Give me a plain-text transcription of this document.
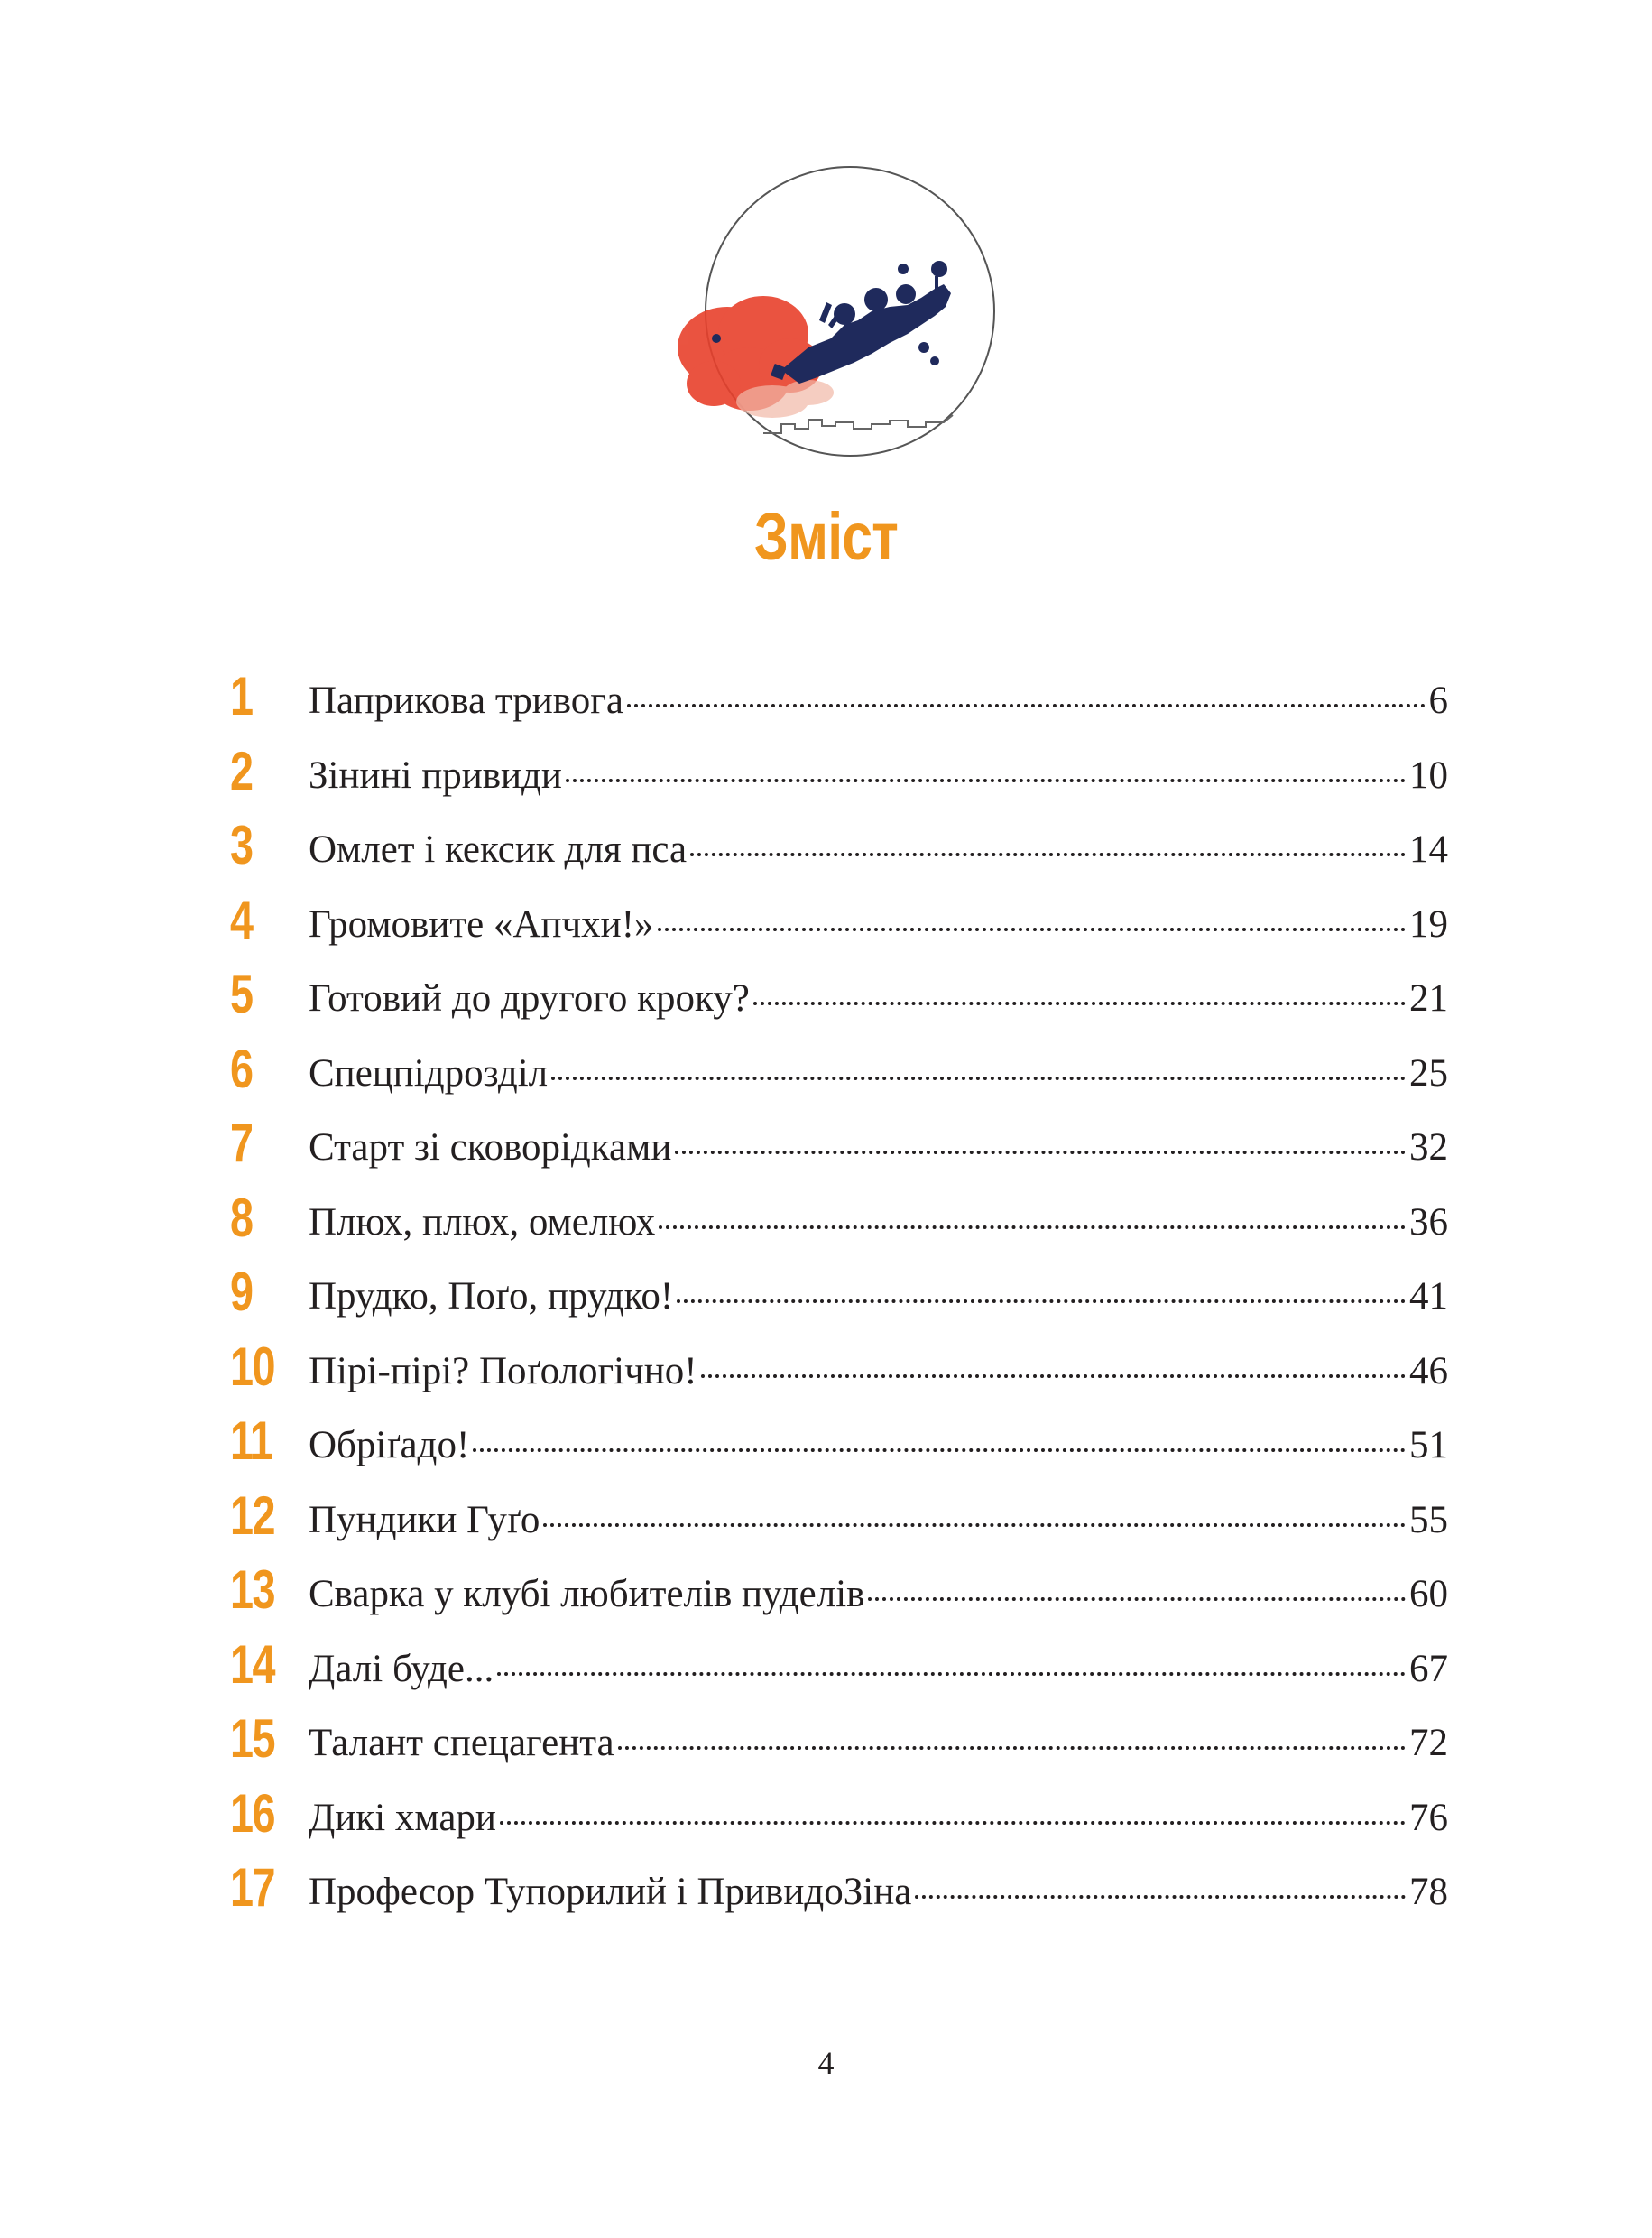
Зміст
1 Паприкова тривога	6
2 Зінині привиди	10
3 Омлет і кексик для пса	14
4 Громовите «Апчхи!»	19
5 Готовий до другого кроку?	21
6 Спецпідрозділ	25
7 Старт зі сковорідками	32
8 Плюх, плюх, омелюх	36
9 Прудко, Поґо, прудко!	41
10 Пірі-пірі? Поґологічно!	46
11 Обріґадо!	51
12 Пундики Гуґо	55
13 Сварка у клубі любителів пуделів	60
14 Далі буде...	67
15 Талант спецагента	72
16 Дикі хмари	76
17 Професор Тупорилий і ПривидоЗіна	78
4
